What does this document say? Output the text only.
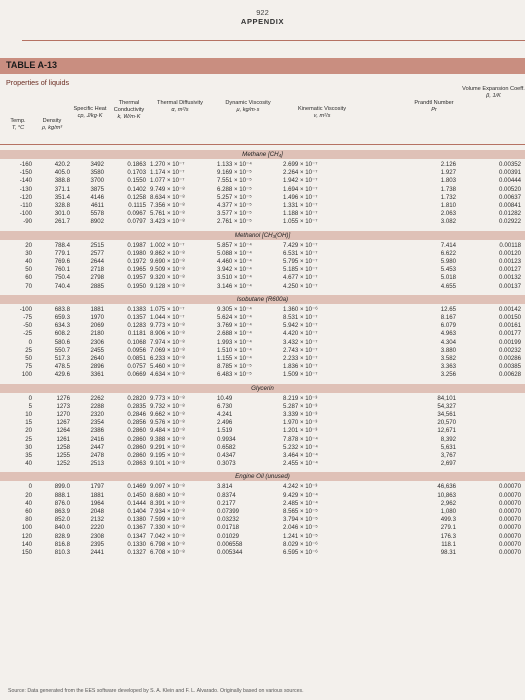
922
APPENDIX
TABLE A-13
Properties of liquids
Temp.
T, °C
Density
ρ, kg/m³
Specific Heat
cp, J/kg·K
Thermal Conductivity
k, W/m·K
Thermal Diffusivity
α, m²/s
Dynamic Viscosity
μ, kg/m·s	Kinematic Viscosity
ν, m²/s
Prandtl Number
Pr
Volume Expansion Coeff.
β, 1/K
Methane [CH₄]
-160	420.2	3492	0.1863 1.270 × 10⁻⁷	1.133 × 10⁻⁴	2.699 × 10⁻⁷	2.126	0.00352
-150	405.0	3580	0.1703 1.174 × 10⁻⁷	9.169 × 10⁻⁵	2.264 × 10⁻⁷	1.927	0.00391
-140	388.8	3700	0.1550 1.077 × 10⁻⁷	7.551 × 10⁻⁵	1.942 × 10⁻⁷	1.803	0.00444
-130	371.1	3875	0.1402 9.749 × 10⁻⁸	6.288 × 10⁻⁵	1.694 × 10⁻⁷	1.738	0.00520
-120	351.4	4146	0.1258 8.634 × 10⁻⁸	5.257 × 10⁻⁵	1.496 × 10⁻⁷	1.732	0.00637
-110	328.8	4611	0.1115 7.356 × 10⁻⁸	4.377 × 10⁻⁵	1.331 × 10⁻⁷	1.810	0.00841
-100	301.0	5578	0.0967 5.761 × 10⁻⁸	3.577 × 10⁻⁵	1.188 × 10⁻⁷	2.063	0.01282
-90	261.7	8902	0.0797 3.423 × 10⁻⁸	2.761 × 10⁻⁵	1.055 × 10⁻⁷	3.082	0.02922
Methanol [CH₃(OH)]
20	788.4	2515	0.1987 1.002 × 10⁻⁷	5.857 × 10⁻⁴	7.429 × 10⁻⁷	7.414	0.00118
30	779.1	2577	0.1980 9.862 × 10⁻⁸	5.088 × 10⁻⁴	6.531 × 10⁻⁷	6.622	0.00120
40	769.6	2644	0.1972 9.690 × 10⁻⁸	4.460 × 10⁻⁴	5.795 × 10⁻⁷	5.980	0.00123
50	760.1	2718	0.1965 9.509 × 10⁻⁸	3.942 × 10⁻⁴	5.185 × 10⁻⁷	5.453	0.00127
60	750.4	2798	0.1957 9.320 × 10⁻⁸	3.510 × 10⁻⁴	4.677 × 10⁻⁷	5.018	0.00132
70	740.4	2885	0.1950 9.128 × 10⁻⁸	3.146 × 10⁻⁴	4.250 × 10⁻⁷	4.655	0.00137
Isobutane (R600a)
-100	683.8	1881	0.1383 1.075 × 10⁻⁷	9.305 × 10⁻⁴	1.360 × 10⁻⁶	12.65	0.00142
-75	659.3	1970	0.1357 1.044 × 10⁻⁷	5.624 × 10⁻⁴	8.531 × 10⁻⁷	8.167	0.00150
-50	634.3	2069	0.1283 9.773 × 10⁻⁸	3.769 × 10⁻⁴	5.942 × 10⁻⁷	6.079	0.00161
-25	608.2	2180	0.1181 8.906 × 10⁻⁸	2.688 × 10⁻⁴	4.420 × 10⁻⁷	4.963	0.00177
0	580.6	2306	0.1068 7.974 × 10⁻⁸	1.993 × 10⁻⁴	3.432 × 10⁻⁷	4.304	0.00199
25	550.7	2455	0.0956 7.069 × 10⁻⁸	1.510 × 10⁻⁴	2.743 × 10⁻⁷	3.880	0.00232
50	517.3	2640	0.0851 6.233 × 10⁻⁸	1.155 × 10⁻⁴	2.233 × 10⁻⁷	3.582	0.00286
75	478.5	2896	0.0757 5.460 × 10⁻⁸	8.785 × 10⁻⁵	1.836 × 10⁻⁷	3.363	0.00385
100	429.6	3361	0.0669 4.634 × 10⁻⁸	6.483 × 10⁻⁵	1.509 × 10⁻⁷	3.256	0.00628
Glycerin
0	1276	2262	0.2820 9.773 × 10⁻⁸	10.49	8.219 × 10⁻³	84,101
5	1273	2288	0.2835 9.732 × 10⁻⁸	6.730	5.287 × 10⁻³	54,327
10	1270	2320	0.2846 9.662 × 10⁻⁸	4.241	3.339 × 10⁻³	34,561
15	1267	2354	0.2856 9.576 × 10⁻⁸	2.496	1.970 × 10⁻³	20,570
20	1264	2386	0.2860 9.484 × 10⁻⁸	1.519	1.201 × 10⁻³	12,671
25	1261	2416	0.2860 9.388 × 10⁻⁸	0.9934	7.878 × 10⁻⁴	8,392
30	1258	2447	0.2860 9.291 × 10⁻⁸	0.6582	5.232 × 10⁻⁴	5,631
35	1255	2478	0.2860 9.195 × 10⁻⁸	0.4347	3.464 × 10⁻⁴	3,767
40	1252	2513	0.2863 9.101 × 10⁻⁸	0.3073	2.455 × 10⁻⁴	2,697
Engine Oil (unused)
0	899.0	1797	0.1469 9.097 × 10⁻⁸	3.814	4.242 × 10⁻³	46,636	0.00070
20	888.1	1881	0.1450 8.680 × 10⁻⁸	0.8374	9.429 × 10⁻⁴	10,863	0.00070
40	876.0	1964	0.1444 8.391 × 10⁻⁸	0.2177	2.485 × 10⁻⁴	2,962	0.00070
60	863.9	2048	0.1404 7.934 × 10⁻⁸	0.07399	8.565 × 10⁻⁵	1,080	0.00070
80	852.0	2132	0.1380 7.599 × 10⁻⁸	0.03232	3.794 × 10⁻⁵	499.3	0.00070
100	840.0	2220	0.1367 7.330 × 10⁻⁸	0.01718	2.046 × 10⁻⁵	279.1	0.00070
120	828.9	2308	0.1347 7.042 × 10⁻⁸	0.01029	1.241 × 10⁻⁵	176.3	0.00070
140	816.8	2395	0.1330 6.798 × 10⁻⁸	0.006558	8.029 × 10⁻⁶	118.1	0.00070
150	810.3	2441	0.1327 6.708 × 10⁻⁸	0.005344	6.595 × 10⁻⁶	98.31	0.00070
Source: Data generated from the EES software developed by S. A. Klein and F. L. Alvarado. Originally based on various sources.
